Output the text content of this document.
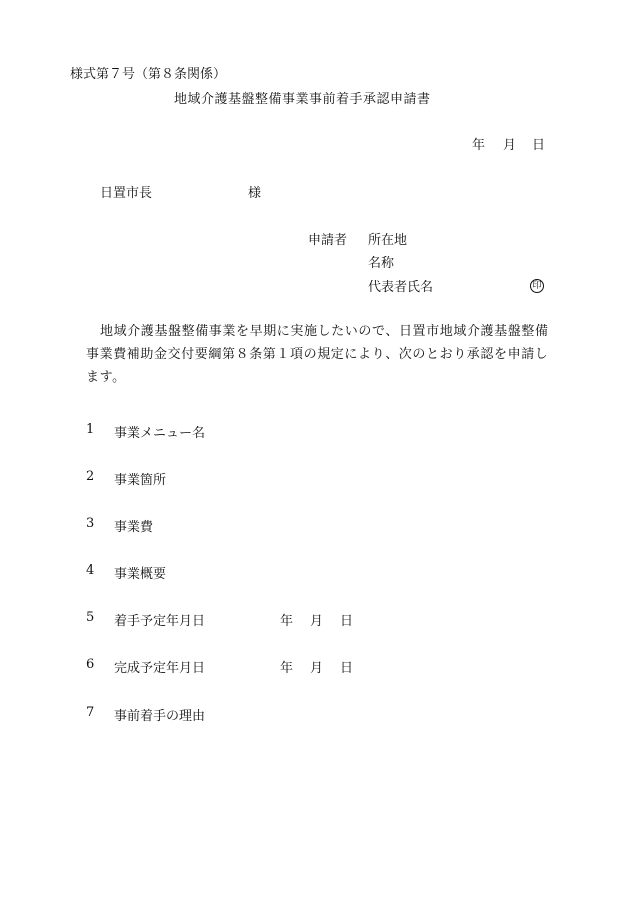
様式第７号（第８条関係）
地域介護基盤整備事業事前着手承認申請書
年 月 日
日置市長	様
申請者 所在地
名称
代表者氏名	印
地域介護基盤整備事業を早期に実施したいので、日置市地域介護基盤整備事業費補助金交付要綱第８条第１項の規定により、次のとおり承認を申請します。
1 事業メニュー名
2 事業箇所
3 事業費
4 事業概要
5 着手予定年月日	年 月 日
6 完成予定年月日	年 月 日
7 事前着手の理由
